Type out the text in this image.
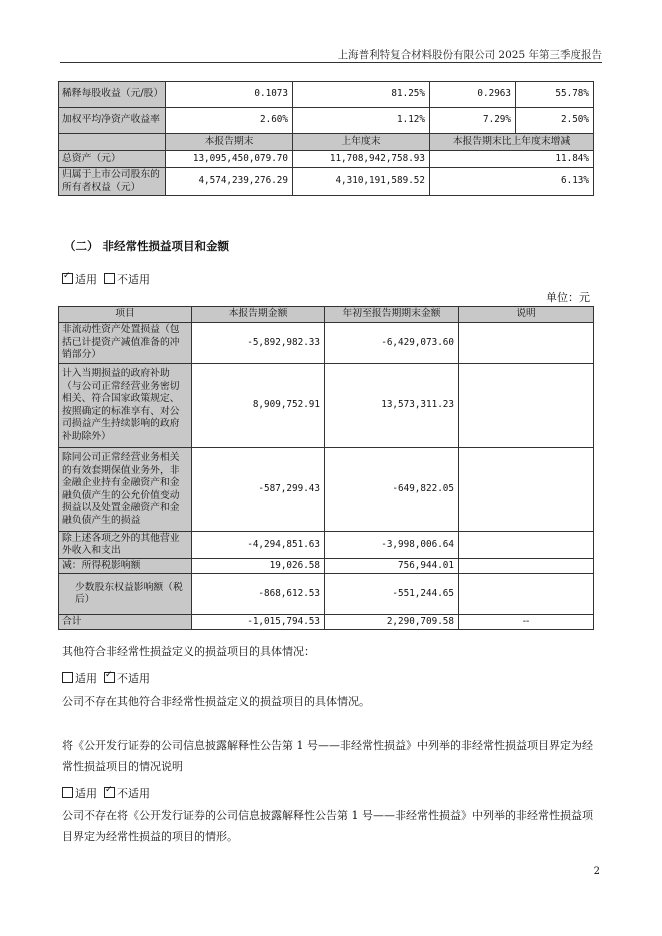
上海普利特复合材料股份有限公司 2025 年第三季度报告
稀释每股收益（元/股）	0.1073	81.25%	0.2963	55.78%
加权平均净资产收益率	2.60%	1.12%	7.29%	2.50%
	本报告期末	上年度末	本报告期末比上年度末增减	
总资产（元）	13,095,450,079.70	11,708,942,758.93	11.84%	
归属于上市公司股东的所有者权益（元）	4,574,239,276.29	4,310,191,589.52	6.13%	
（二） 非经常性损益项目和金额
✓适用 不适用
单位：元
项目	本报告期金额	年初至报告期期末金额	说明
非流动性资产处置损益（包括已计提资产减值准备的冲销部分）	-5,892,982.33	-6,429,073.60	
计入当期损益的政府补助（与公司正常经营业务密切相关、符合国家政策规定、按照确定的标准享有、对公司损益产生持续影响的政府补助除外）	8,909,752.91	13,573,311.23	
除同公司正常经营业务相关的有效套期保值业务外，非金融企业持有金融资产和金融负债产生的公允价值变动损益以及处置金融资产和金融负债产生的损益	-587,299.43	-649,822.05	
除上述各项之外的其他营业外收入和支出	-4,294,851.63	-3,998,006.64	
减：所得税影响额	19,026.58	756,944.01	
少数股东权益影响额（税后）	-868,612.53	-551,244.65	
合计	-1,015,794.53	2,290,709.58	--
其他符合非经常性损益定义的损益项目的具体情况：
适用 ✓ 不适用
公司不存在其他符合非经常性损益定义的损益项目的具体情况。
将《公开发行证券的公司信息披露解释性公告第 1 号——非经常性损益》中列举的非经常性损益项目界定为经常性损益项目的情况说明
适用 ✓ 不适用
公司不存在将《公开发行证券的公司信息披露解释性公告第 1 号——非经常性损益》中列举的非经常性损益项目界定为经常性损益的项目的情形。
2
